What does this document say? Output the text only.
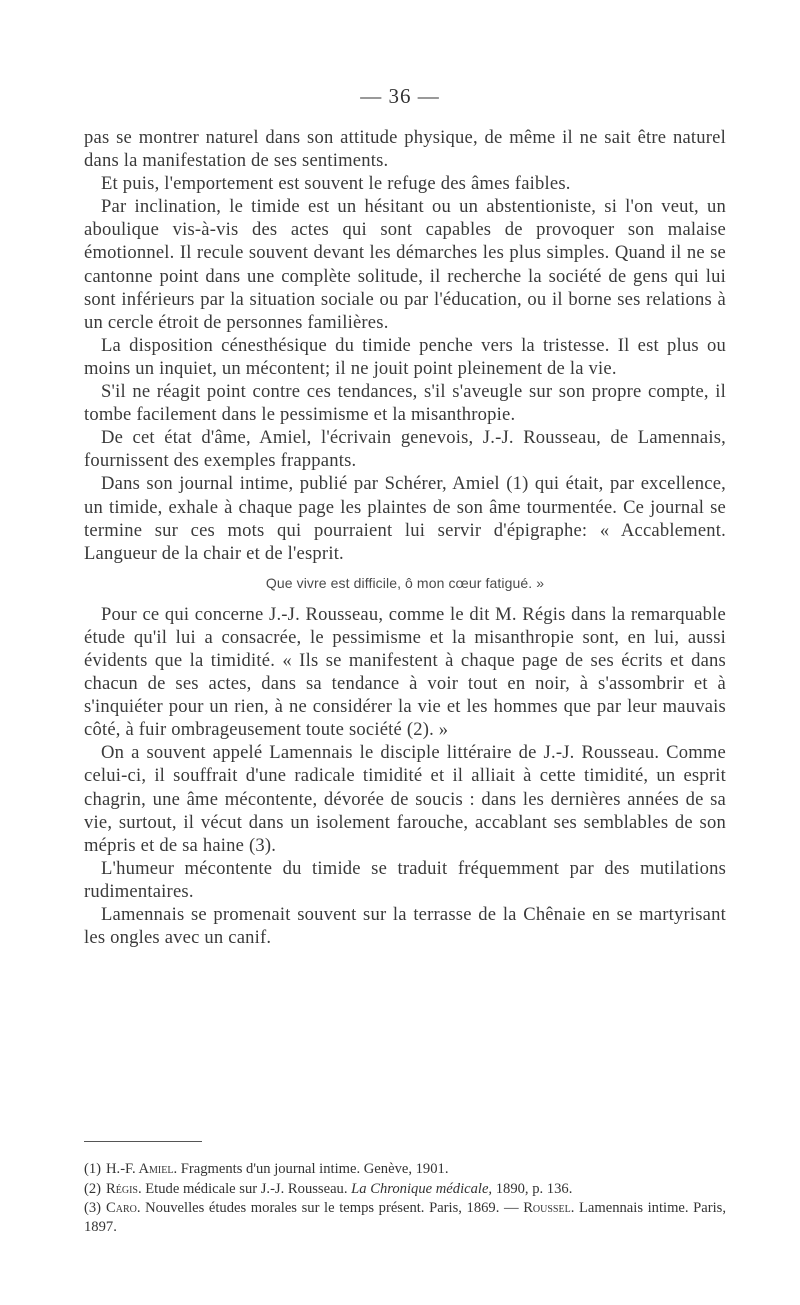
— 36 —

pas se montrer naturel dans son attitude physique, de même il ne sait être naturel dans la manifestation de ses sentiments.

Et puis, l'emportement est souvent le refuge des âmes faibles.

Par inclination, le timide est un hésitant ou un abstentioniste, si l'on veut, un aboulique vis-à-vis des actes qui sont capables de provoquer son malaise émotionnel. Il recule souvent devant les démarches les plus simples. Quand il ne se cantonne point dans une complète solitude, il recherche la société de gens qui lui sont inférieurs par la situation sociale ou par l'éducation, ou il borne ses relations à un cercle étroit de personnes familières.

La disposition cénesthésique du timide penche vers la tristesse. Il est plus ou moins un inquiet, un mécontent; il ne jouit point pleinement de la vie.

S'il ne réagit point contre ces tendances, s'il s'aveugle sur son propre compte, il tombe facilement dans le pessimisme et la misanthropie.

De cet état d'âme, Amiel, l'écrivain genevois, J.-J. Rousseau, de Lamennais, fournissent des exemples frappants.

Dans son journal intime, publié par Schérer, Amiel (1) qui était, par excellence, un timide, exhale à chaque page les plaintes de son âme tourmentée. Ce journal se termine sur ces mots qui pourraient lui servir d'épigraphe: « Accablement. Langueur de la chair et de l'esprit.

Que vivre est difficile, ô mon cœur fatigué. »

Pour ce qui concerne J.-J. Rousseau, comme le dit M. Régis dans la remarquable étude qu'il lui a consacrée, le pessimisme et la misanthropie sont, en lui, aussi évidents que la timidité. « Ils se manifestent à chaque page de ses écrits et dans chacun de ses actes, dans sa tendance à voir tout en noir, à s'assombrir et à s'inquiéter pour un rien, à ne considérer la vie et les hommes que par leur mauvais côté, à fuir ombrageusement toute société (2). »

On a souvent appelé Lamennais le disciple littéraire de J.-J. Rousseau. Comme celui-ci, il souffrait d'une radicale timidité et il alliait à cette timidité, un esprit chagrin, une âme mécontente, dévorée de soucis : dans les dernières années de sa vie, surtout, il vécut dans un isolement farouche, accablant ses semblables de son mépris et de sa haine (3).

L'humeur mécontente du timide se traduit fréquemment par des mutilations rudimentaires.

Lamennais se promenait souvent sur la terrasse de la Chênaie en se martyrisant les ongles avec un canif.

(1) H.-F. Amiel. Fragments d'un journal intime. Genève, 1901.

(2) Régis. Etude médicale sur J.-J. Rousseau. La Chronique médicale, 1890, p. 136.

(3) Caro. Nouvelles études morales sur le temps présent. Paris, 1869. — Roussel. Lamennais intime. Paris, 1897.
